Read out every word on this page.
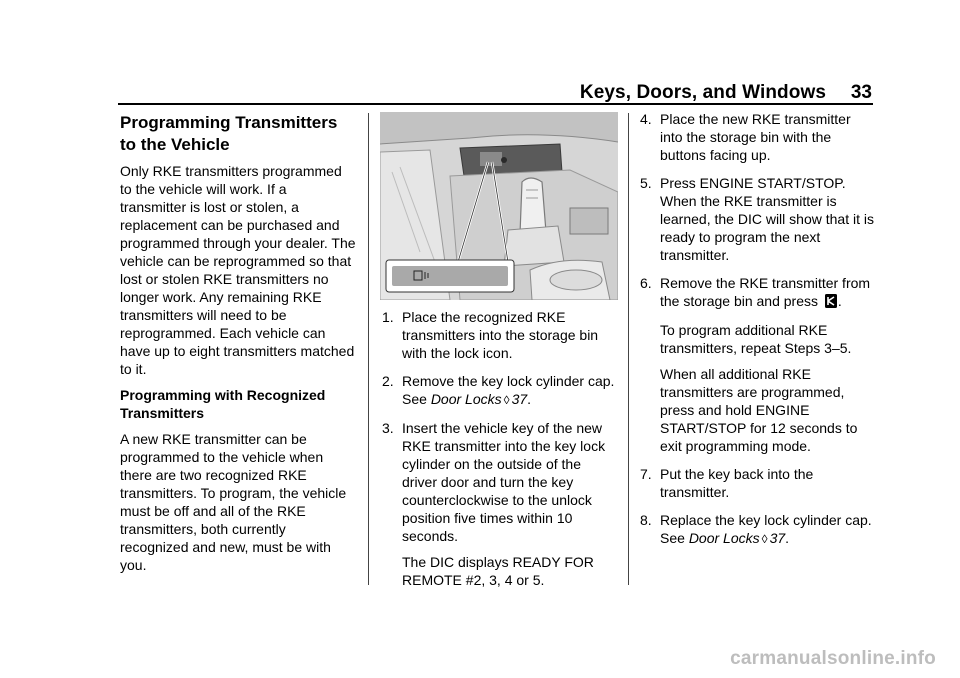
Keys, Doors, and Windows 33
Programming Transmitters to the Vehicle

Only RKE transmitters programmed to the vehicle will work. If a transmitter is lost or stolen, a replacement can be purchased and programmed through your dealer. The vehicle can be reprogrammed so that lost or stolen RKE transmitters no longer work. Any remaining RKE transmitters will need to be reprogrammed. Each vehicle can have up to eight transmitters matched to it.

Programming with Recognized Transmitters

A new RKE transmitter can be programmed to the vehicle when there are two recognized RKE transmitters. To program, the vehicle must be off and all of the RKE transmitters, both currently recognized and new, must be with you.

1. Place the recognized RKE transmitters into the storage bin with the lock icon.
2. Remove the key lock cylinder cap. See Door Locks ◊ 37.
3. Insert the vehicle key of the new RKE transmitter into the key lock cylinder on the outside of the driver door and turn the key counterclockwise to the unlock position five times within 10 seconds.
The DIC displays READY FOR REMOTE #2, 3, 4 or 5.
4. Place the new RKE transmitter into the storage bin with the buttons facing up.
5. Press ENGINE START/STOP. When the RKE transmitter is learned, the DIC will show that it is ready to program the next transmitter.
6. Remove the RKE transmitter from the storage bin and press .
To program additional RKE transmitters, repeat Steps 3–5.
When all additional RKE transmitters are programmed, press and hold ENGINE START/STOP for 12 seconds to exit programming mode.
7. Put the key back into the transmitter.
8. Replace the key lock cylinder cap. See Door Locks ◊ 37.
carmanualsonline.info
